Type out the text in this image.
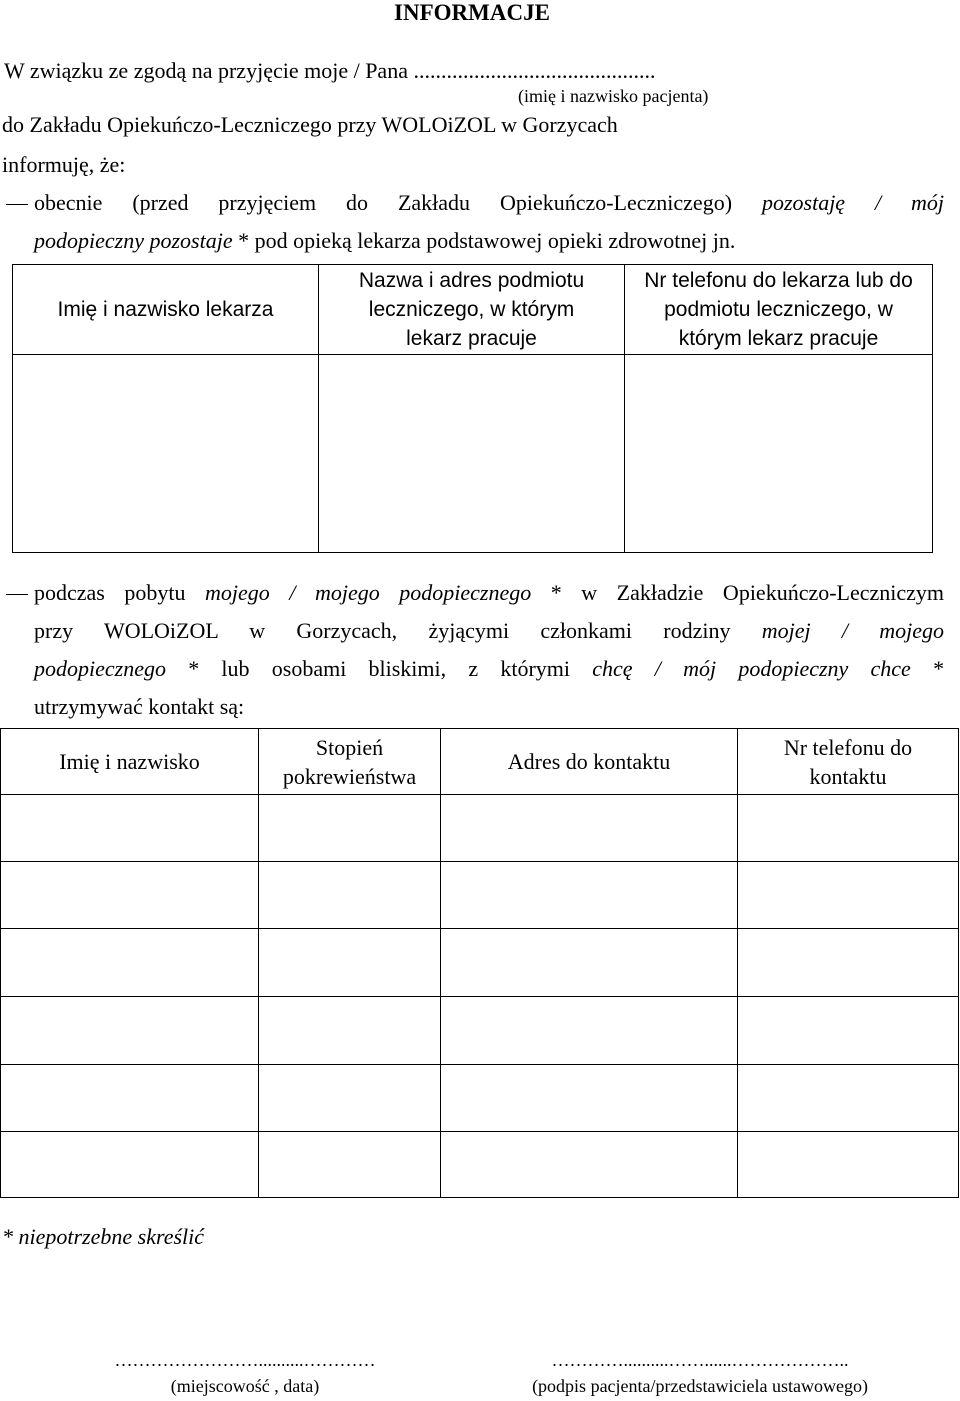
INFORMACJE
W związku ze zgodą na przyjęcie moje / Pana ............................................
(imię i nazwisko pacjenta)
do Zakładu Opiekuńczo-Leczniczego przy WOLOiZOL w Gorzycach
informuję, że:
obecnie (przed przyjęciem do Zakładu Opiekuńczo-Leczniczego) pozostaję / mój
podopieczny pozostaje * pod opieką lekarza podstawowej opieki zdrowotnej jn.
Imię i nazwisko lekarza	Nazwa i adres podmiotu leczniczego, w którym lekarz pracuje	Nr telefonu do lekarza lub do podmiotu leczniczego, w którym lekarz pracuje

podczas pobytu mojego / mojego podopiecznego * w Zakładzie Opiekuńczo-Leczniczym
przy WOLOiZOL w Gorzycach, żyjącymi członkami rodziny mojej / mojego
podopiecznego * lub osobami bliskimi, z którymi chcę / mój podopieczny chce *
utrzymywać kontakt są:
Imię i nazwisko	Stopień pokrewieństwa	Adres do kontaktu	Nr telefonu do kontaktu

* niepotrzebne skreślić
……………………..........…………
(miejscowość , data)
…………..........……......………………..
(podpis pacjenta/przedstawiciela ustawowego)
